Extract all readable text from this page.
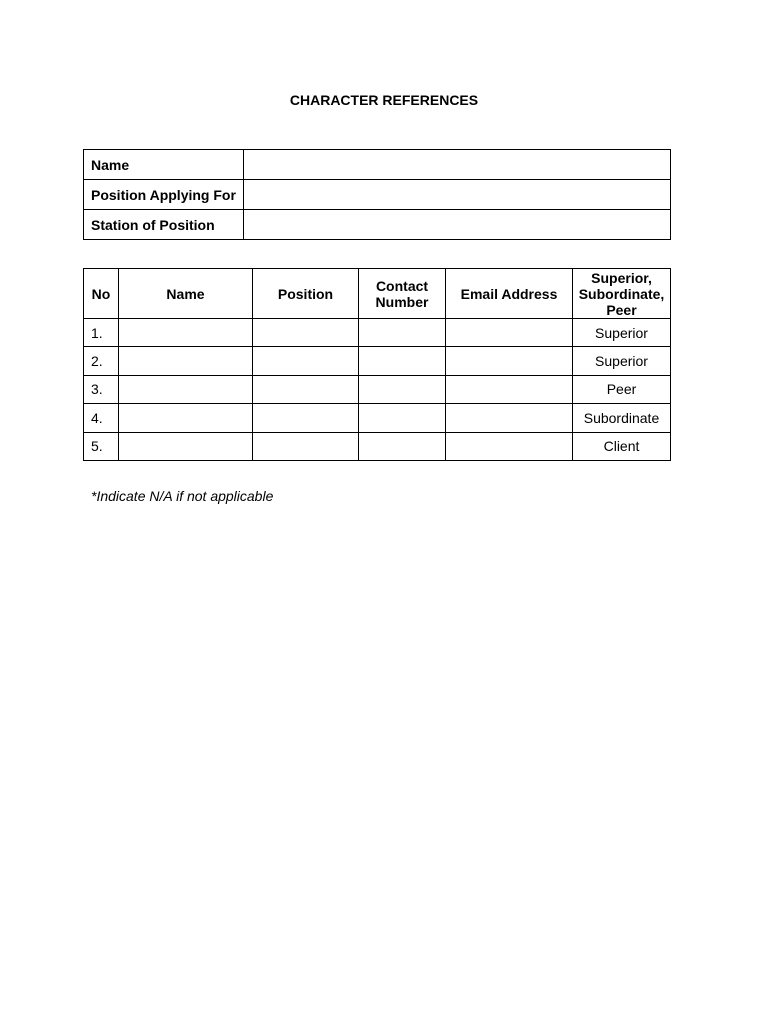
CHARACTER REFERENCES
Name	
Position Applying For	
Station of Position	
No	Name	Position	Contact Number	Email Address	Superior, Subordinate, Peer
1.					Superior
2.					Superior
3.					Peer
4.					Subordinate
5.					Client
*Indicate N/A if not applicable
